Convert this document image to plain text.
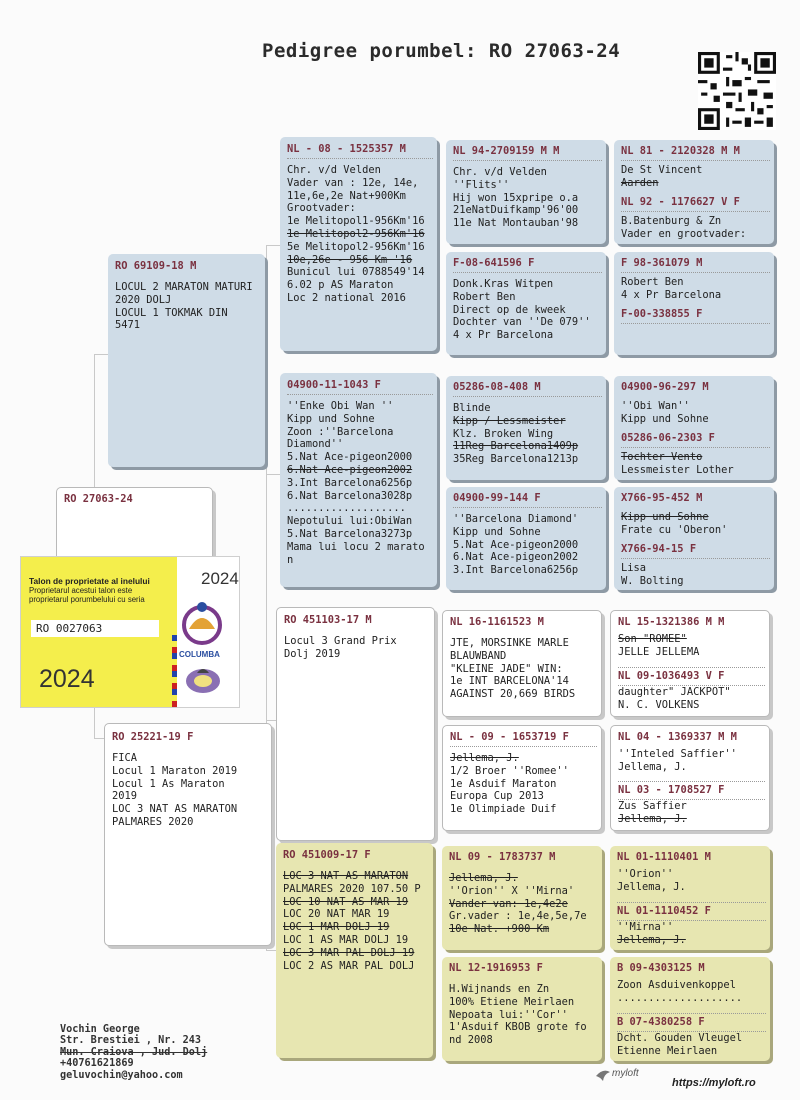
Pedigree porumbel: RO 27063-24
RO 27063-24
RO 69109-18 M
LOCUL 2 MARATON MATURI
2020 DOLJ
LOCUL 1 TOKMAK DIN
5471
RO 25221-19 F
FICA
Locul 1 Maraton 2019
Locul 1 As Maraton
2019
LOC 3 NAT AS MARATON
PALMARES 2020
NL - 08 - 1525357 M
Chr. v/d Velden
Vader van : 12e, 14e,
11e,6e,2e Nat+900Km
Grootvader:
1e Melitopol1-956Km'16
1e Melitopol2-956Km'16
5e Melitopol2-956Km'16
10e,26e - 956 Km '16
Bunicul lui 0788549'14
6.02 p AS Maraton
Loc 2 national 2016
04900-11-1043 F
''Enke Obi Wan ''
Kipp und Sohne
Zoon :''Barcelona
Diamond''
5.Nat Ace-pigeon2000
6.Nat Ace-pigeon2002
3.Int Barcelona6256p
6.Nat Barcelona3028p
...................
Nepotului lui:ObiWan
5.Nat Barcelona3273p
Mama lui locu 2 marato
n
RO 451103-17 M
Locul 3 Grand Prix
Dolj 2019
RO 451009-17 F
LOC 3 NAT AS MARATON
PALMARES 2020 107.50 P
LOC 10 NAT AS MAR 19
LOC 20 NAT MAR 19
LOC 1 MAR DOLJ 19
LOC 1 AS MAR DOLJ 19
LOC 3 MAR PAL DOLJ 19
LOC 2 AS MAR PAL DOLJ
NL 94-2709159 M M
Chr. v/d Velden
''Flits''
Hij won 15xpripe o.a
21eNatDuifkamp'96'00
11e Nat Montauban'98
F-08-641596 F
Donk.Kras Witpen
Robert Ben
Direct op de kweek
Dochter van ''De 079''
4 x Pr Barcelona
05286-08-408 M
Blinde
Kipp / Lessmeister
Klz. Broken Wing
11Reg Barcelona1409p
35Reg Barcelona1213p
04900-99-144 F
''Barcelona Diamond'
Kipp und Sohne
5.Nat Ace-pigeon2000
6.Nat Ace-pigeon2002
3.Int Barcelona6256p
NL 16-1161523 M
JTE, MORSINKE MARLE
BLAUWBAND
"KLEINE JADE" WIN:
1e INT BARCELONA'14
AGAINST 20,669 BIRDS
NL - 09 - 1653719 F
Jellema, J.
1/2 Broer ''Romee''
1e Asduif Maraton
Europa Cup 2013
1e Olimpiade Duif
NL 09 - 1783737 M
Jellema, J.
''Orion'' X ''Mirna'
Vander van: 1e,4e2e
Gr.vader : 1e,4e,5e,7e
10e Nat. +900 Km
NL 12-1916953 F
H.Wijnands en Zn
100% Etiene Meirlaen
Nepoata lui:''Cor''
1'Asduif KBOB grote fo
nd 2008
NL 81 - 2120328 M M
De St Vincent
Aarden
NL 92 - 1176627 V F
B.Batenburg & Zn
Vader en grootvader:
F 98-361079 M
Robert Ben
4 x Pr Barcelona
F-00-338855 F
04900-96-297 M
''Obi Wan''
Kipp und Sohne
05286-06-2303 F
Tochter Vento
Lessmeister Lother
X766-95-452 M
Kipp und Sohne
Frate cu 'Oberon'
X766-94-15 F
Lisa
W. Bolting
NL 15-1321386 M M
Son "ROMEE"
JELLE JELLEMA
NL 09-1036493 V F
daughter" JACKPOT"
N. C. VOLKENS
NL 04 - 1369337 M M
''Inteled Saffier''
Jellema, J.
NL 03 - 1708527 F
Zus Saffier
Jellema, J.
NL 01-1110401 M
''Orion''
Jellema, J.
NL 01-1110452 F
''Mirna''
Jellema, J.
B 09-4303125 M
Zoon Asduivenkoppel
....................
B 07-4380258 F
Dcht. Gouden Vleugel
Etienne Meirlaen
Talon de proprietate al inelului
Proprietarul acestui talon este
proprietarul porumbelului cu seria
RO 0027063
2024
2024
COLUMBA
Vochin George
Str. Brestiei , Nr. 243
Mun. Craiova , Jud. Dolj
+40761621869
geluvochin@yahoo.com	myloft
https://myloft.ro
